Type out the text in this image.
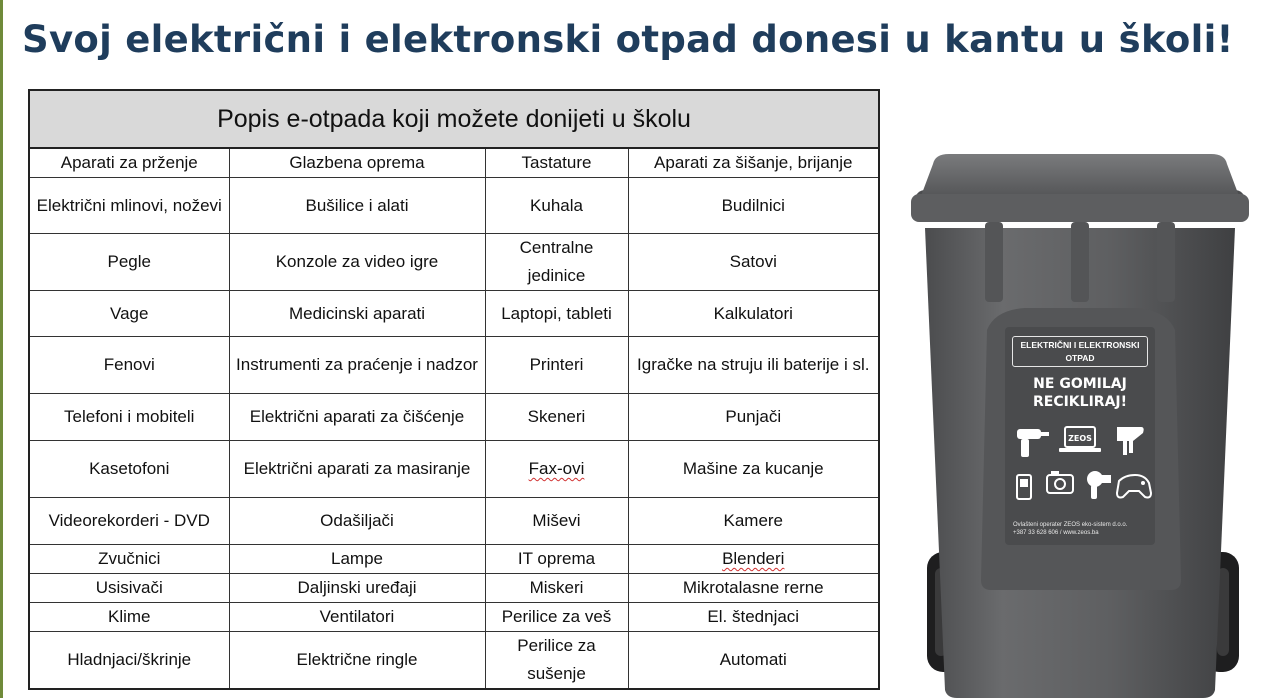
Svoj električni i elektronski otpad donesi u kantu u školi!
Popis e-otpada koji možete donijeti u školu			
Aparati za prženje	Glazbena oprema	Tastature	Aparati za šišanje, brijanje
Električni mlinovi, noževi	Bušilice i alati	Kuhala	Budilnici
Pegle	Konzole za video igre	Centralne jedinice	Satovi
Vage	Medicinski aparati	Laptopi, tableti	Kalkulatori
Fenovi	Instrumenti za praćenje i nadzor	Printeri	Igračke na struju ili baterije i sl.
Telefoni i mobiteli	Električni aparati za čišćenje	Skeneri	Punjači
Kasetofoni	Električni aparati za masiranje	Fax-ovi	Mašine za kucanje
Videorekorderi - DVD	Odašiljači	Miševi	Kamere
Zvučnici	Lampe	IT oprema	Blenderi
Usisivači	Daljinski uređaji	Miskeri	Mikrotalasne rerne
Klime	Ventilatori	Perilice za veš	El. štednjaci
Hladnjaci/škrinje	Električne ringle	Perilice za sušenje	Automati
ELEKTRIČNI I ELEKTRONSKI
OTPAD
NE GOMILAJ
RECIKLIRAJ!
ZEOS
Ovlašteni operater ZEOS eko-sistem d.o.o.
+387 33 628 606 / www.zeos.ba
